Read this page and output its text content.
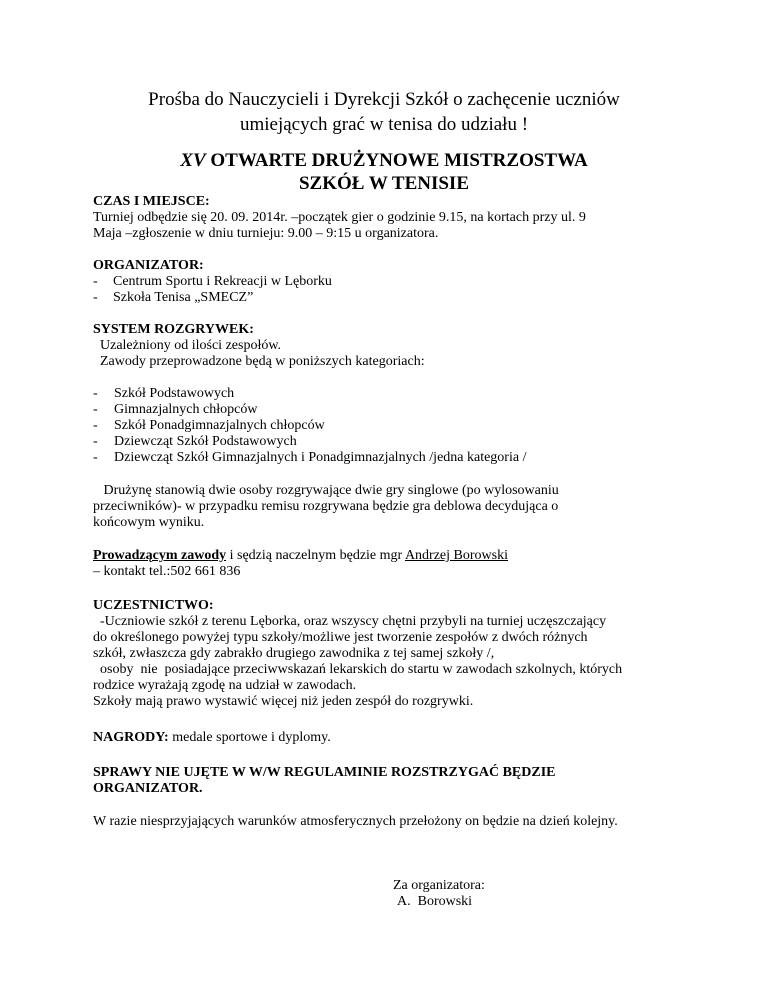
Prośba do Nauczycieli i Dyrekcji Szkół o zachęcenie uczniów
umiejących grać w tenisa do udziału !
XV OTWARTE DRUŻYNOWE MISTRZOSTWA
SZKÓŁ W TENISIE
CZAS I MIEJSCE:
Turniej odbędzie się 20. 09. 2014r. –początek gier o godzinie 9.15, na kortach przy ul. 9
Maja –zgłoszenie w dniu turnieju: 9.00 – 9:15 u organizatora.
ORGANIZATOR:
- Centrum Sportu i Rekreacji w Lęborku
- Szkoła Tenisa „SMECZ”
SYSTEM ROZGRYWEK:
Uzależniony od ilości zespołów.
Zawody przeprowadzone będą w poniższych kategoriach:
- Szkół Podstawowych
- Gimnazjalnych chłopców
- Szkół Ponadgimnazjalnych chłopców
- Dziewcząt Szkół Podstawowych
- Dziewcząt Szkół Gimnazjalnych i Ponadgimnazjalnych /jedna kategoria /
Drużynę stanowią dwie osoby rozgrywające dwie gry singlowe (po wylosowaniu
przeciwników)- w przypadku remisu rozgrywana będzie gra deblowa decydująca o
końcowym wyniku.
Prowadzącym zawody i sędzią naczelnym będzie mgr Andrzej Borowski
– kontakt tel.:502 661 836
UCZESTNICTWO:
-Uczniowie szkół z terenu Lęborka, oraz wszyscy chętni przybyli na turniej uczęszczający
do określonego powyżej typu szkoły/możliwe jest tworzenie zespołów z dwóch różnych
szkół, zwłaszcza gdy zabrakło drugiego zawodnika z tej samej szkoły /,
osoby  nie  posiadające przeciwwskazań lekarskich do startu w zawodach szkolnych, których
rodzice wyrażają zgodę na udział w zawodach.
Szkoły mają prawo wystawić więcej niż jeden zespół do rozgrywki.
NAGRODY: medale sportowe i dyplomy.
SPRAWY NIE UJĘTE W W/W REGULAMINIE ROZSTRZYGAĆ BĘDZIE
ORGANIZATOR.
W razie niesprzyjających warunków atmosferycznych przełożony on będzie na dzień kolejny.
Za organizatora:
A.  Borowski
